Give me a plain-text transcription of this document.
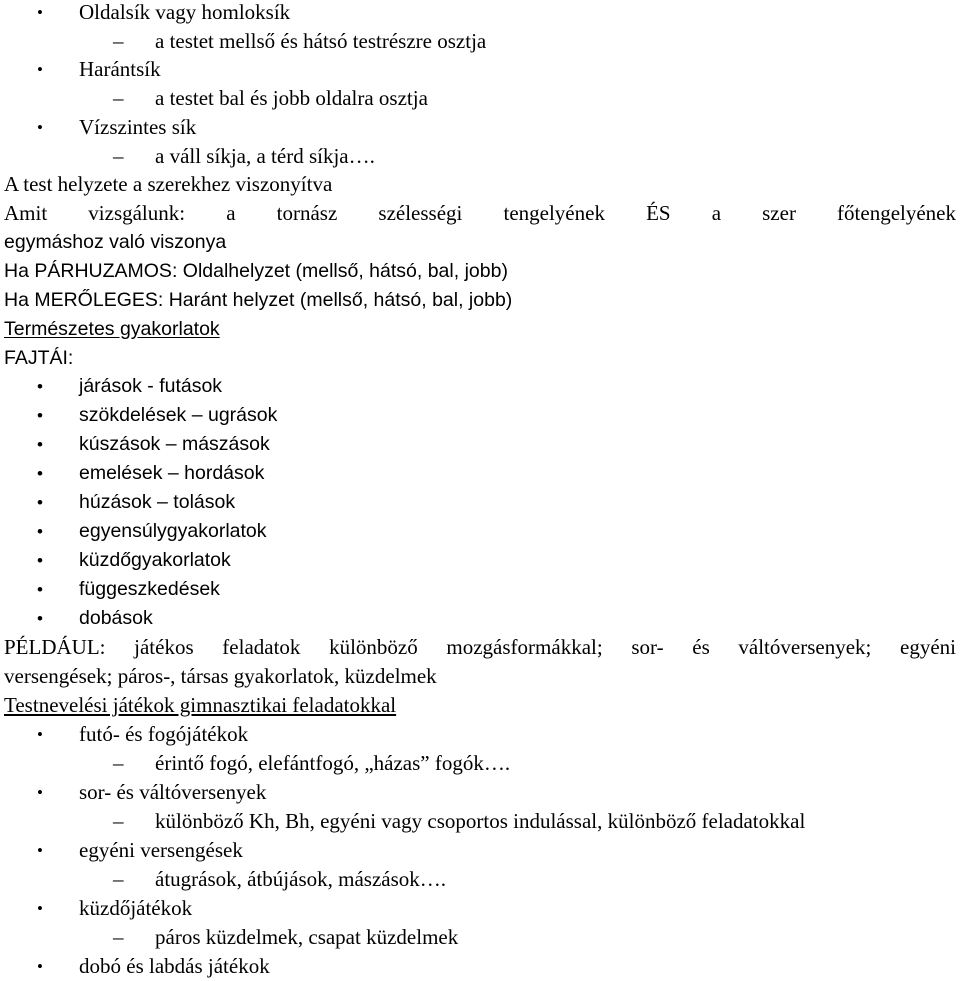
• Oldalsík vagy homloksík
– a testet mellső és hátsó testrészre osztja
• Harántsík
– a testet bal és jobb oldalra osztja
• Vízszintes sík
– a váll síkja, a térd síkja….
A test helyzete a szerekhez viszonyítva
Amit vizsgálunk: a tornász szélességi tengelyének ÉS a szer főtengelyének
egymáshoz való viszonya
Ha PÁRHUZAMOS: Oldalhelyzet (mellső, hátsó, bal, jobb)
Ha MERŐLEGES: Haránt helyzet (mellső, hátsó, bal, jobb)
Természetes gyakorlatok
FAJTÁI:
• járások - futások
• szökdelések – ugrások
• kúszások – mászások
• emelések – hordások
• húzások – tolások
• egyensúlygyakorlatok
• küzdőgyakorlatok
• függeszkedések
• dobások
PÉLDÁUL: játékos feladatok különböző mozgásformákkal; sor- és váltóversenyek; egyéni
versengések; páros-, társas gyakorlatok, küzdelmek
Testnevelési játékok gimnasztikai feladatokkal
• futó- és fogójátékok
– érintő fogó, elefántfogó, „házas” fogók….
• sor- és váltóversenyek
– különböző Kh, Bh, egyéni vagy csoportos indulással, különböző feladatokkal
• egyéni versengések
– átugrások, átbújások, mászások….
• küzdőjátékok
– páros küzdelmek, csapat küzdelmek
• dobó és labdás játékok
